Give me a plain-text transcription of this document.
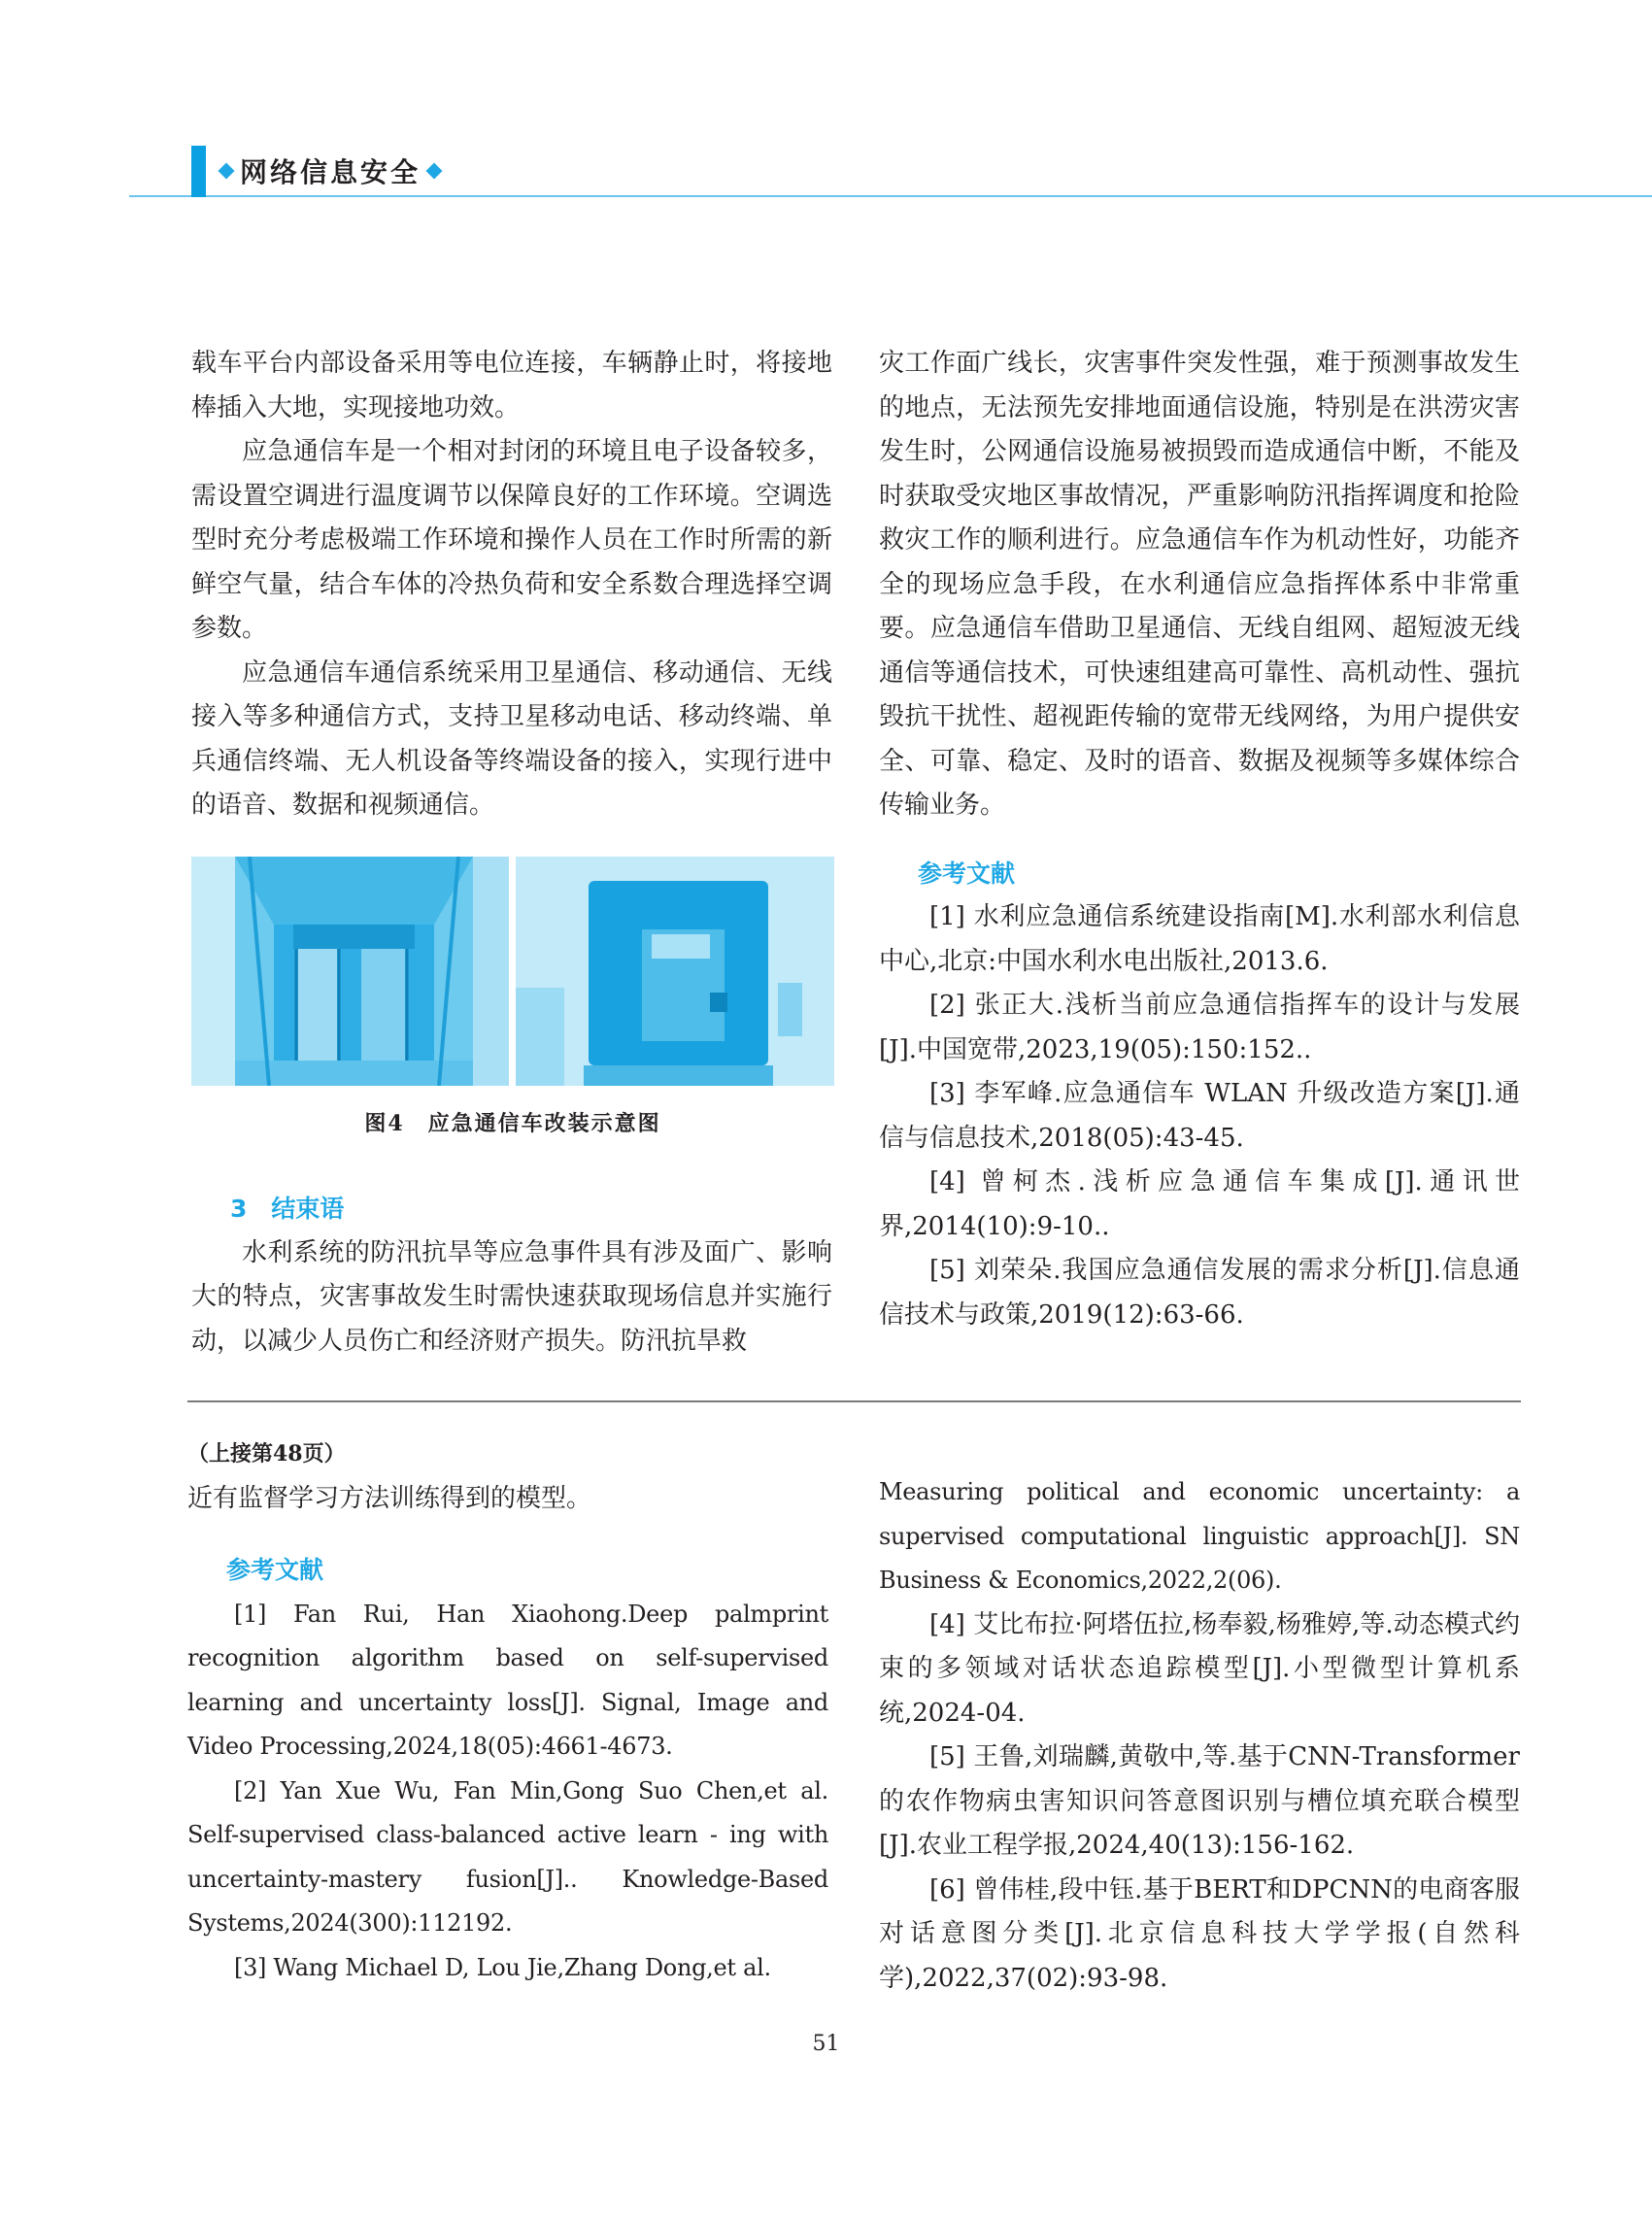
网络信息安全

载车平台内部设备采用等电位连接，车辆静止时，将接地棒插入大地，实现接地功效。

应急通信车是一个相对封闭的环境且电子设备较多，需设置空调进行温度调节以保障良好的工作环境。空调选型时充分考虑极端工作环境和操作人员在工作时所需的新鲜空气量，结合车体的冷热负荷和安全系数合理选择空调参数。

应急通信车通信系统采用卫星通信、移动通信、无线接入等多种通信方式，支持卫星移动电话、移动终端、单兵通信终端、无人机设备等终端设备的接入，实现行进中的语音、数据和视频通信。

图4　应急通信车改装示意图

3　结束语

水利系统的防汛抗旱等应急事件具有涉及面广、影响大的特点，灾害事故发生时需快速获取现场信息并实施行动，以减少人员伤亡和经济财产损失。防汛抗旱救

灾工作面广线长，灾害事件突发性强，难于预测事故发生的地点，无法预先安排地面通信设施，特别是在洪涝灾害发生时，公网通信设施易被损毁而造成通信中断，不能及时获取受灾地区事故情况，严重影响防汛指挥调度和抢险救灾工作的顺利进行。应急通信车作为机动性好，功能齐全的现场应急手段，在水利通信应急指挥体系中非常重要。应急通信车借助卫星通信、无线自组网、超短波无线通信等通信技术，可快速组建高可靠性、高机动性、强抗毁抗干扰性、超视距传输的宽带无线网络，为用户提供安全、可靠、稳定、及时的语音、数据及视频等多媒体综合传输业务。

参考文献

[1] 水利应急通信系统建设指南[M].水利部水利信息中心,北京:中国水利水电出版社,2013.6.

[2] 张正大.浅析当前应急通信指挥车的设计与发展[J].中国宽带,2023,19(05):150:152..

[3] 李军峰.应急通信车 WLAN 升级改造方案[J].通信与信息技术,2018(05):43-45.

[4] 曾柯杰.浅析应急通信车集成[J].通讯世界,2014(10):9-10..

[5] 刘荣朵.我国应急通信发展的需求分析[J].信息通信技术与政策,2019(12):63-66.

（上接第48页）

近有监督学习方法训练得到的模型。

参考文献

[1] Fan Rui, Han Xiaohong.Deep palmprint recognition algorithm based on self-supervised learning and uncertainty loss[J]. Signal, Image and Video Processing,2024,18(05):4661-4673.

[2] Yan Xue Wu, Fan Min,Gong Suo Chen,et al. Self-supervised class-balanced active learn - ing with uncertainty-mastery fusion[J].. Knowledge-Based Systems,2024(300):112192.

[3] Wang Michael D, Lou Jie,Zhang Dong,et al.

Measuring political and economic uncertainty: a supervised computational linguistic approach[J]. SN Business & Economics,2022,2(06).

[4] 艾比布拉·阿塔伍拉,杨奉毅,杨雅婷,等.动态模式约束的多领域对话状态追踪模型[J].小型微型计算机系统,2024-04.

[5] 王鲁,刘瑞麟,黄敬中,等.基于CNN-Transformer的农作物病虫害知识问答意图识别与槽位填充联合模型[J].农业工程学报,2024,40(13):156-162.

[6] 曾伟桂,段中钰.基于BERT和DPCNN的电商客服对话意图分类[J].北京信息科技大学学报(自然科学),2022,37(02):93-98.

51
